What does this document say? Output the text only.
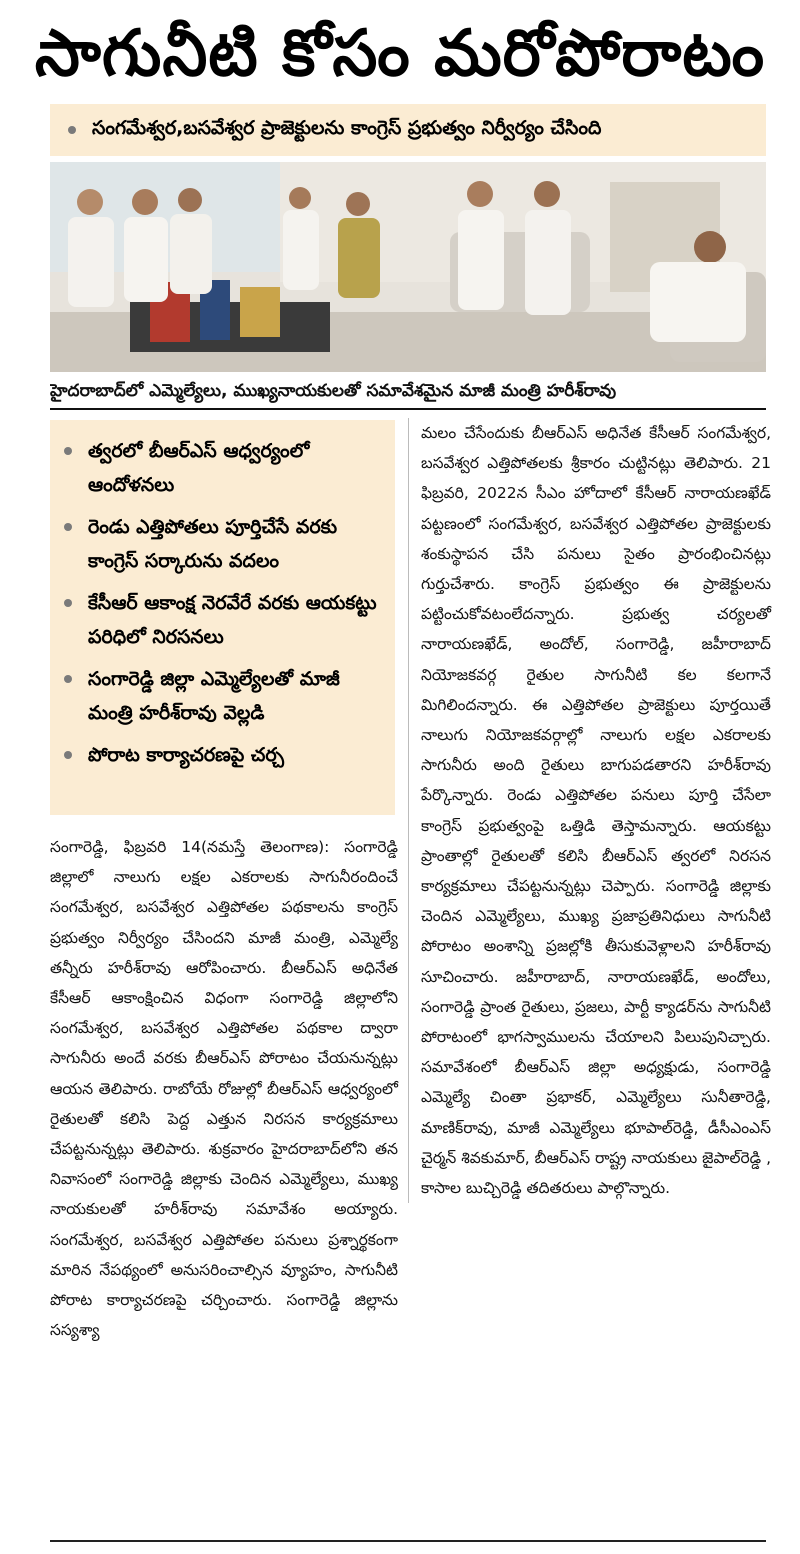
సాగునీటి కోసం మరోపోరాటం
సంగమేశ్వర,బసవేశ్వర ప్రాజెక్టులను కాంగ్రెస్‌ ప్రభుత్వం నిర్వీర్యం చేసింది
హైదరాబాద్‌లో ఎమ్మెల్యేలు, ముఖ్యనాయకులతో సమావేశమైన మాజీ మంత్రి హరీశ్‌రావు
త్వరలో బీఆర్‌ఎస్‌ ఆధ్వర్యంలో ఆందోళనలు
రెండు ఎత్తిపోతలు పూర్తిచేసే వరకు కాంగ్రెస్‌ సర్కారును వదలం
కేసీఆర్‌ ఆకాంక్ష నెరవేరే వరకు ఆయకట్టు పరిధిలో నిరసనలు
సంగారెడ్డి జిల్లా ఎమ్మెల్యేలతో మాజీ మంత్రి హరీశ్‌రావు వెల్లడి
పోరాట కార్యాచరణపై చర్చ
సంగారెడ్డి, ఫిబ్రవరి 14(నమస్తే తెలంగాణ): సంగారెడ్డి జిల్లాలో నాలుగు లక్షల ఎకరాలకు సాగునీరందించే సంగమేశ్వర, బసవేశ్వర ఎత్తిపోతల పథకాలను కాంగ్రెస్‌ ప్రభుత్వం నిర్వీర్యం చేసిందని మాజీ మంత్రి, ఎమ్మెల్యే తన్నీరు హరీశ్‌రావు ఆరోపించారు. బీఆర్‌ఎస్‌ అధినేత కేసీఆర్‌ ఆకాంక్షించిన విధంగా సంగారెడ్డి జిల్లాలోని సంగమేశ్వర, బసవేశ్వర ఎత్తిపోతల పథకాల ద్వారా సాగునీరు అందే వరకు బీఆర్‌ఎస్‌ పోరాటం చేయనున్నట్లు ఆయన తెలిపారు. రాబోయే రోజుల్లో బీఆర్‌ఎస్‌ ఆధ్వర్యంలో రైతులతో కలిసి పెద్ద ఎత్తున నిరసన కార్యక్రమాలు చేపట్టనున్నట్లు తెలిపారు. శుక్రవారం హైదరాబాద్‌లోని తన నివాసంలో సంగారెడ్డి జిల్లాకు చెందిన ఎమ్మెల్యేలు, ముఖ్య నాయకులతో హరీశ్‌రావు సమావేశం అయ్యారు. సంగమేశ్వర, బసవేశ్వర ఎత్తిపోతల పనులు ప్రశ్నార్థకంగా మారిన నేపథ్యంలో అనుసరించాల్సిన వ్యూహం, సాగునీటి పోరాట కార్యాచరణపై చర్చించారు. సంగారెడ్డి జిల్లాను సస్యశ్యా
మలం చేసేందుకు బీఆర్‌ఎస్‌ అధినేత కేసీఆర్‌ సంగమేశ్వర, బసవేశ్వర ఎత్తిపోతలకు శ్రీకారం చుట్టినట్లు తెలిపారు. 21 ఫిబ్రవరి, 2022న సీఎం హోదాలో కేసీఆర్‌ నారాయణఖేడ్‌ పట్టణంలో సంగమేశ్వర, బసవేశ్వర ఎత్తిపోతల ప్రాజెక్టులకు శంకుస్థాపన చేసి పనులు సైతం ప్రారంభించినట్లు గుర్తుచేశారు. కాంగ్రెస్‌ ప్రభుత్వం ఈ ప్రాజెక్టులను పట్టించుకోవటంలేదన్నారు. ప్రభుత్వ చర్యలతో నారాయణఖేడ్‌, అందోల్‌, సంగారెడ్డి, జహీరాబాద్‌ నియోజకవర్గ రైతుల సాగునీటి కల కలగానే మిగిలిందన్నారు. ఈ ఎత్తిపోతల ప్రాజెక్టులు పూర్తయితే నాలుగు నియోజకవర్గాల్లో నాలుగు లక్షల ఎకరాలకు సాగునీరు అంది రైతులు బాగుపడతారని హరీశ్‌రావు పేర్కొన్నారు. రెండు ఎత్తిపోతల పనులు పూర్తి చేసేలా కాంగ్రెస్‌ ప్రభుత్వంపై ఒత్తిడి తెస్తామన్నారు. ఆయకట్టు ప్రాంతాల్లో రైతులతో కలిసి బీఆర్‌ఎస్‌ త్వరలో నిరసన కార్యక్రమాలు చేపట్టనున్నట్లు చెప్పారు. సంగారెడ్డి జిల్లాకు చెందిన ఎమ్మెల్యేలు, ముఖ్య ప్రజాప్రతినిధులు సాగునీటి పోరాటం అంశాన్ని ప్రజల్లోకి తీసుకువెళ్లాలని హరీశ్‌రావు సూచించారు. జహీరాబాద్‌, నారాయణఖేడ్‌, అందోలు, సంగారెడ్డి ప్రాంత రైతులు, ప్రజలు, పార్టీ క్యాడర్‌ను సాగునీటి పోరాటంలో భాగస్వాములను చేయాలని పిలుపునిచ్చారు. సమావేశంలో బీఆర్‌ఎస్‌ జిల్లా అధ్యక్షుడు, సంగారెడ్డి ఎమ్మెల్యే చింతా ప్రభాకర్‌, ఎమ్మెల్యేలు సునీతారెడ్డి, మాణిక్‌రావు, మాజీ ఎమ్మెల్యేలు భూపాల్‌రెడ్డి, డీసీఎంఎస్‌ చైర్మన్‌ శివకుమార్‌, బీఆర్‌ఎస్‌ రాష్ట్ర నాయకులు జైపాల్‌రెడ్డి , కాసాల బుచ్చిరెడ్డి తదితరులు పాల్గొన్నారు.
